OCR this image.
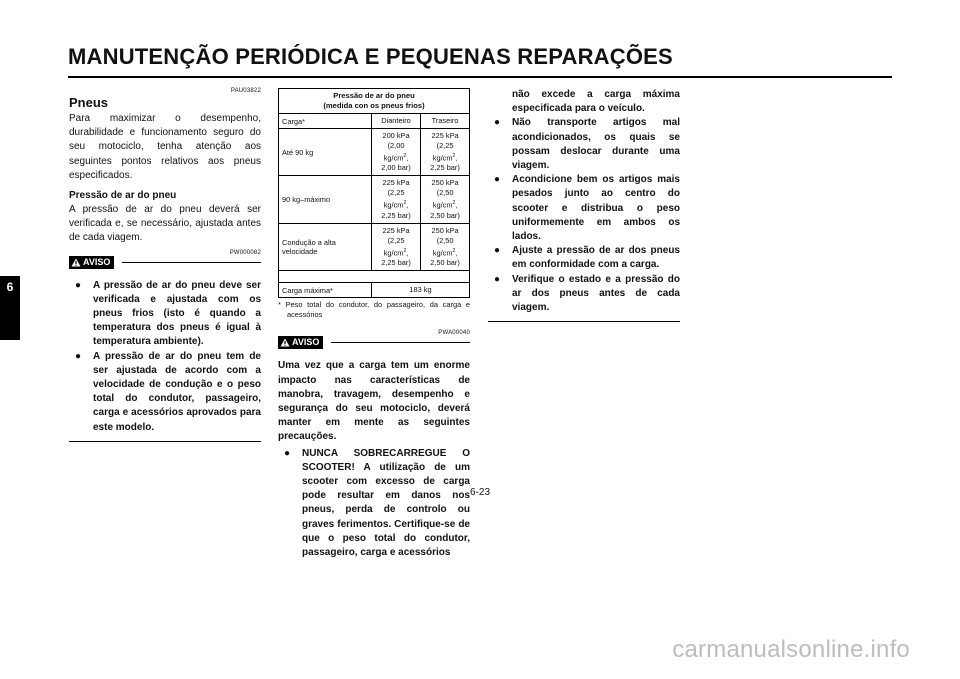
MANUTENÇÃO PERIÓDICA E PEQUENAS REPARAÇÕES
6
PAU03822
Pneus

Para maximizar o desempenho, durabilidade e funcionamento seguro do seu motociclo, tenha atenção aos seguintes pontos relativos aos pneus especificados.

Pressão de ar do pneu

A pressão de ar do pneu deverá ser verificada e, se necessário, ajustada antes de cada viagem.

PW000082
AVISO
● A pressão de ar do pneu deve ser verificada e ajustada com os pneus frios (isto é quando a temperatura dos pneus é igual à temperatura ambiente).
● A pressão de ar do pneu tem de ser ajustada de acordo com a velocidade de condução e o peso total do condutor, passageiro, carga e acessórios aprovados para este modelo.
Pressão de ar do pneu
(medida con os pneus frios)		
Carga*	Dianteiro	Traseiro
Até 90 kg	200 kPa
(2,00 $kg/cm^2$,
2,00 bar)	225 kPa
(2,25 $kg/cm^2$,
2,25 bar)
90 kg–máximo	225 kPa
(2,25 $kg/cm^2$,
2,25 bar)	250 kPa
(2,50 $kg/cm^2$,
2,50 bar)
Condução a alta velocidade	225 kPa
(2,25 $kg/cm^2$,
2,25 bar)	250 kPa
(2,50 $kg/cm^2$,
2,50 bar)

Carga máxima*	183 kg	
* Peso total do condutor, do passageiro, da carga e acessórios
PWA00040
AVISO
Uma vez que a carga tem um enorme impacto nas características de manobra, travagem, desempenho e segurança do seu motociclo, deverá manter em mente as seguintes precauções.
● NUNCA SOBRECARREGUE O SCOOTER! A utilização de um scooter com excesso de carga pode resultar em danos nos pneus, perda de controlo ou graves ferimentos. Certifique-se de que o peso total do condutor, passageiro, carga e acessórios
não excede a carga máxima especificada para o veículo.
● Não transporte artigos mal acondicionados, os quais se possam deslocar durante uma viagem.
● Acondicione bem os artigos mais pesados junto ao centro do scooter e distribua o peso uniformemente em ambos os lados.
● Ajuste a pressão de ar dos pneus em conformidade com a carga.
● Verifique o estado e a pressão do ar dos pneus antes de cada viagem.
6-23
carmanualsonline.info
